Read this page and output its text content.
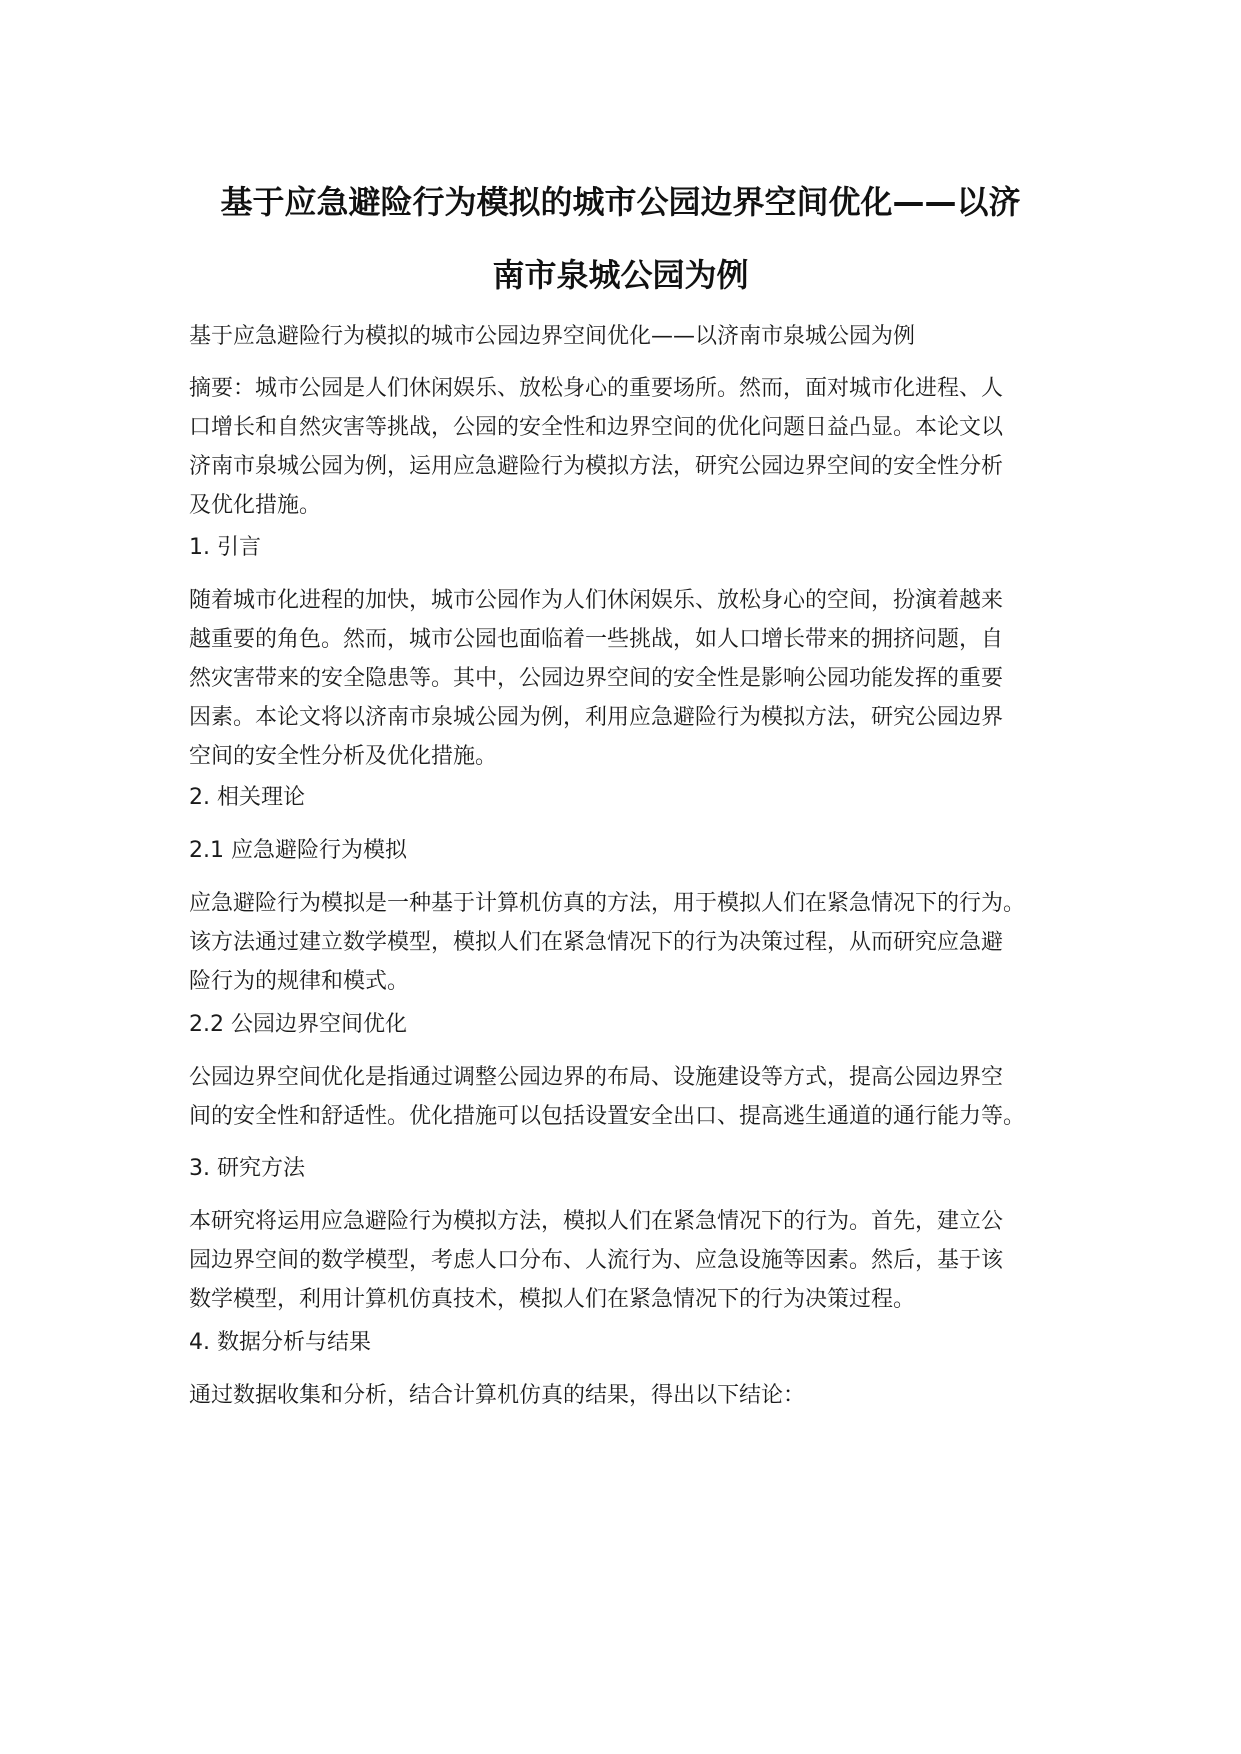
基于应急避险行为模拟的城市公园边界空间优化——以济
南市泉城公园为例
基于应急避险行为模拟的城市公园边界空间优化——以济南市泉城公园为例
摘要：城市公园是人们休闲娱乐、放松身心的重要场所。然而，面对城市化进程、人
口增长和自然灾害等挑战，公园的安全性和边界空间的优化问题日益凸显。本论文以
济南市泉城公园为例，运用应急避险行为模拟方法，研究公园边界空间的安全性分析
及优化措施。
1. 引言
随着城市化进程的加快，城市公园作为人们休闲娱乐、放松身心的空间，扮演着越来
越重要的角色。然而，城市公园也面临着一些挑战，如人口增长带来的拥挤问题，自
然灾害带来的安全隐患等。其中，公园边界空间的安全性是影响公园功能发挥的重要
因素。本论文将以济南市泉城公园为例，利用应急避险行为模拟方法，研究公园边界
空间的安全性分析及优化措施。
2. 相关理论
2.1 应急避险行为模拟
应急避险行为模拟是一种基于计算机仿真的方法，用于模拟人们在紧急情况下的行为。
该方法通过建立数学模型，模拟人们在紧急情况下的行为决策过程，从而研究应急避
险行为的规律和模式。
2.2 公园边界空间优化
公园边界空间优化是指通过调整公园边界的布局、设施建设等方式，提高公园边界空
间的安全性和舒适性。优化措施可以包括设置安全出口、提高逃生通道的通行能力等。
3. 研究方法
本研究将运用应急避险行为模拟方法，模拟人们在紧急情况下的行为。首先，建立公
园边界空间的数学模型，考虑人口分布、人流行为、应急设施等因素。然后，基于该
数学模型，利用计算机仿真技术，模拟人们在紧急情况下的行为决策过程。
4. 数据分析与结果
通过数据收集和分析，结合计算机仿真的结果，得出以下结论：
